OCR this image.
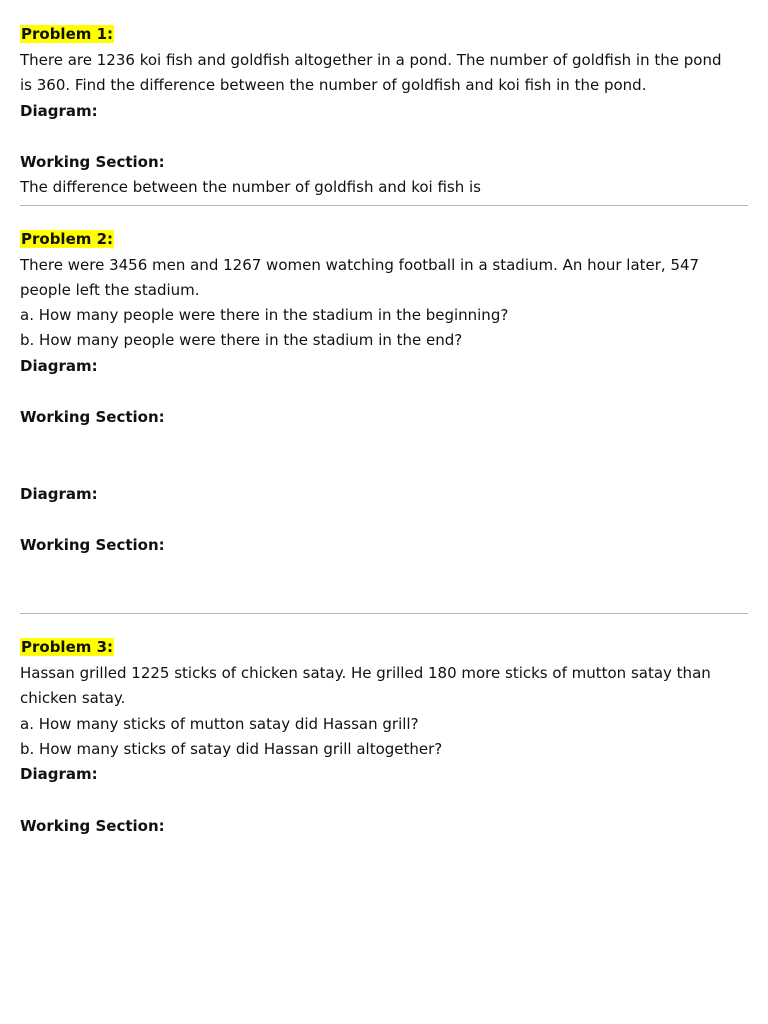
Problem 1:
There are 1236 koi fish and goldfish altogether in a pond. The number of goldfish in the pond
is 360. Find the difference between the number of goldfish and koi fish in the pond.
Diagram:
Working Section:
The difference between the number of goldfish and koi fish is
Problem 2:
There were 3456 men and 1267 women watching football in a stadium. An hour later, 547
people left the stadium.
a. How many people were there in the stadium in the beginning?
b. How many people were there in the stadium in the end?
Diagram:
Working Section:
Diagram:
Working Section:
Problem 3:
Hassan grilled 1225 sticks of chicken satay. He grilled 180 more sticks of mutton satay than
chicken satay.
a. How many sticks of mutton satay did Hassan grill?
b. How many sticks of satay did Hassan grill altogether?
Diagram:
Working Section:
